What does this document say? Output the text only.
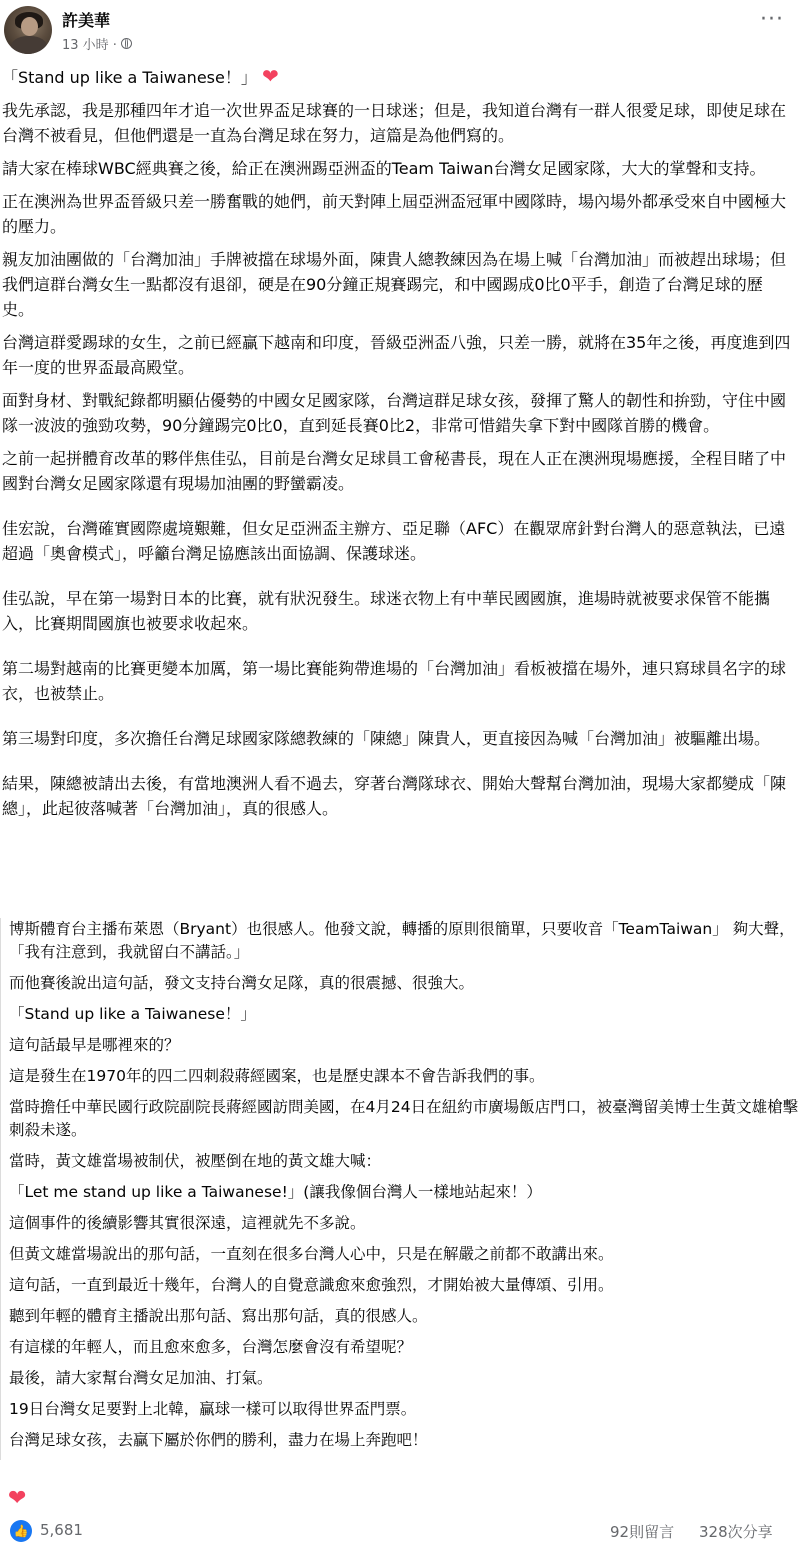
許美華
13 小時 ·
···

「Stand up like a Taiwanese！」 ❤

我先承認，我是那種四年才追一次世界盃足球賽的一日球迷；但是，我知道台灣有一群人很愛足球，即使足球在台灣不被看見，但他們還是一直為台灣足球在努力，這篇是為他們寫的。

請大家在棒球WBC經典賽之後，給正在澳洲踢亞洲盃的Team Taiwan台灣女足國家隊，大大的掌聲和支持。

正在澳洲為世界盃晉級只差一勝奮戰的她們，前天對陣上屆亞洲盃冠軍中國隊時，場內場外都承受來自中國極大的壓力。

親友加油團做的「台灣加油」手牌被擋在球場外面，陳貴人總教練因為在場上喊「台灣加油」而被趕出球場；但我們這群台灣女生一點都沒有退卻，硬是在90分鐘正規賽踢完，和中國踢成0比0平手，創造了台灣足球的歷史。

台灣這群愛踢球的女生，之前已經贏下越南和印度，晉級亞洲盃八強，只差一勝，就將在35年之後，再度進到四年一度的世界盃最高殿堂。

面對身材、對戰紀錄都明顯佔優勢的中國女足國家隊，台灣這群足球女孩，發揮了驚人的韌性和拚勁，守住中國隊一波波的強勁攻勢，90分鐘踢完0比0，直到延長賽0比2，非常可惜錯失拿下對中國隊首勝的機會。

之前一起拼體育改革的夥伴焦佳弘，目前是台灣女足球員工會秘書長，現在人正在澳洲現場應援，全程目睹了中國對台灣女足國家隊還有現場加油團的野蠻霸凌。

佳宏說，台灣確實國際處境艱難，但女足亞洲盃主辦方、亞足聯（AFC）在觀眾席針對台灣人的惡意執法，已遠超過「奧會模式」，呼籲台灣足協應該出面協調、保護球迷。

佳弘說，早在第一場對日本的比賽，就有狀況發生。球迷衣物上有中華民國國旗，進場時就被要求保管不能攜入，比賽期間國旗也被要求收起來。

第二場對越南的比賽更變本加厲，第一場比賽能夠帶進場的「台灣加油」看板被擋在場外，連只寫球員名字的球衣，也被禁止。

第三場對印度，多次擔任台灣足球國家隊總教練的「陳總」陳貴人，更直接因為喊「台灣加油」被驅離出場。

結果，陳總被請出去後，有當地澳洲人看不過去，穿著台灣隊球衣、開始大聲幫台灣加油，現場大家都變成「陳總」，此起彼落喊著「台灣加油」，真的很感人。

博斯體育台主播布萊恩（Bryant）也很感人。他發文說，轉播的原則很簡單，只要收音「TeamTaiwan」 夠大聲，「我有注意到，我就留白不講話。」

而他賽後說出這句話，發文支持台灣女足隊，真的很震撼、很強大。

「Stand up like a Taiwanese！」

這句話最早是哪裡來的？

這是發生在1970年的四二四刺殺蔣經國案，也是歷史課本不會告訴我們的事。

當時擔任中華民國行政院副院長蔣經國訪問美國，在4月24日在紐約市廣場飯店門口，被臺灣留美博士生黃文雄槍擊刺殺未遂。

當時，黃文雄當場被制伏，被壓倒在地的黃文雄大喊：

「Let me stand up like a Taiwanese!」(讓我像個台灣人一樣地站起來！）

這個事件的後續影響其實很深遠，這裡就先不多說。

但黃文雄當場說出的那句話，一直刻在很多台灣人心中，只是在解嚴之前都不敢講出來。

這句話，一直到最近十幾年，台灣人的自覺意識愈來愈強烈，才開始被大量傳頌、引用。

聽到年輕的體育主播說出那句話、寫出那句話，真的很感人。

有這樣的年輕人，而且愈來愈多，台灣怎麼會沒有希望呢？

最後，請大家幫台灣女足加油、打氣。

19日台灣女足要對上北韓，贏球一樣可以取得世界盃門票。

台灣足球女孩，去贏下屬於你們的勝利，盡力在場上奔跑吧！

❤
👍 5,681	92則留言 328次分享
